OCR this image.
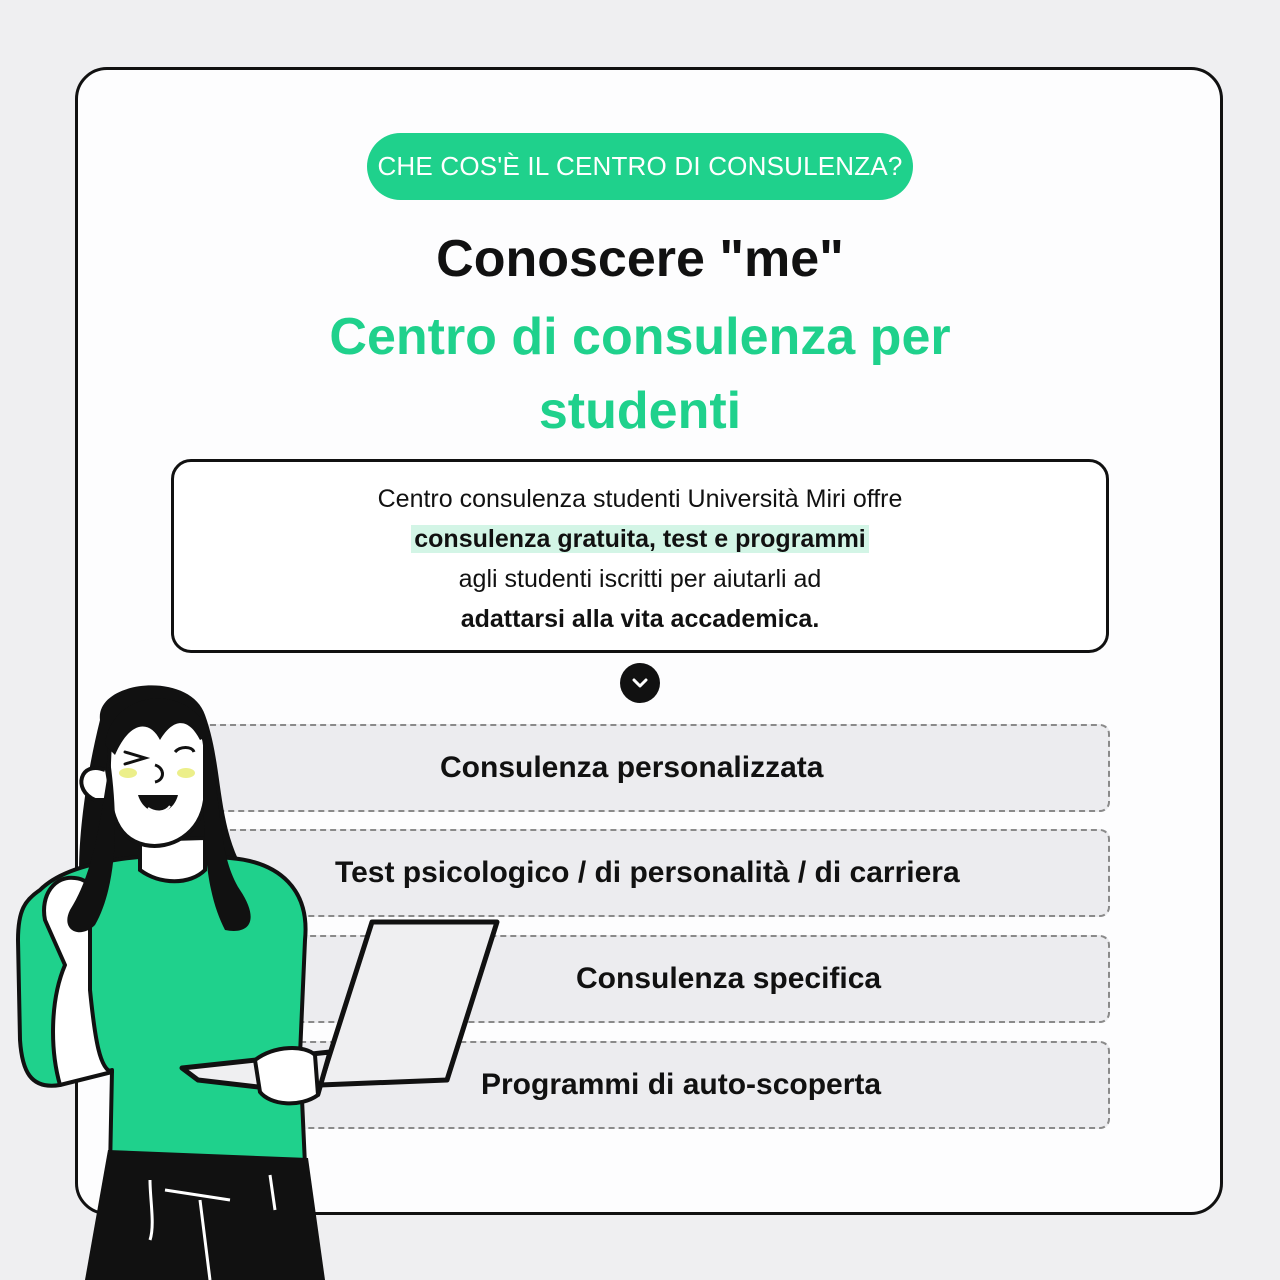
CHE COS'È IL CENTRO DI CONSULENZA?
Conoscere "me"
Centro di consulenza per studenti
Centro consulenza studenti Università Miri offre
consulenza gratuita, test e programmi
agli studenti iscritti per aiutarli ad
adattarsi alla vita accademica.
Consulenza personalizzata
Test psicologico / di personalità / di carriera
Consulenza specifica
Programmi di auto-scoperta
